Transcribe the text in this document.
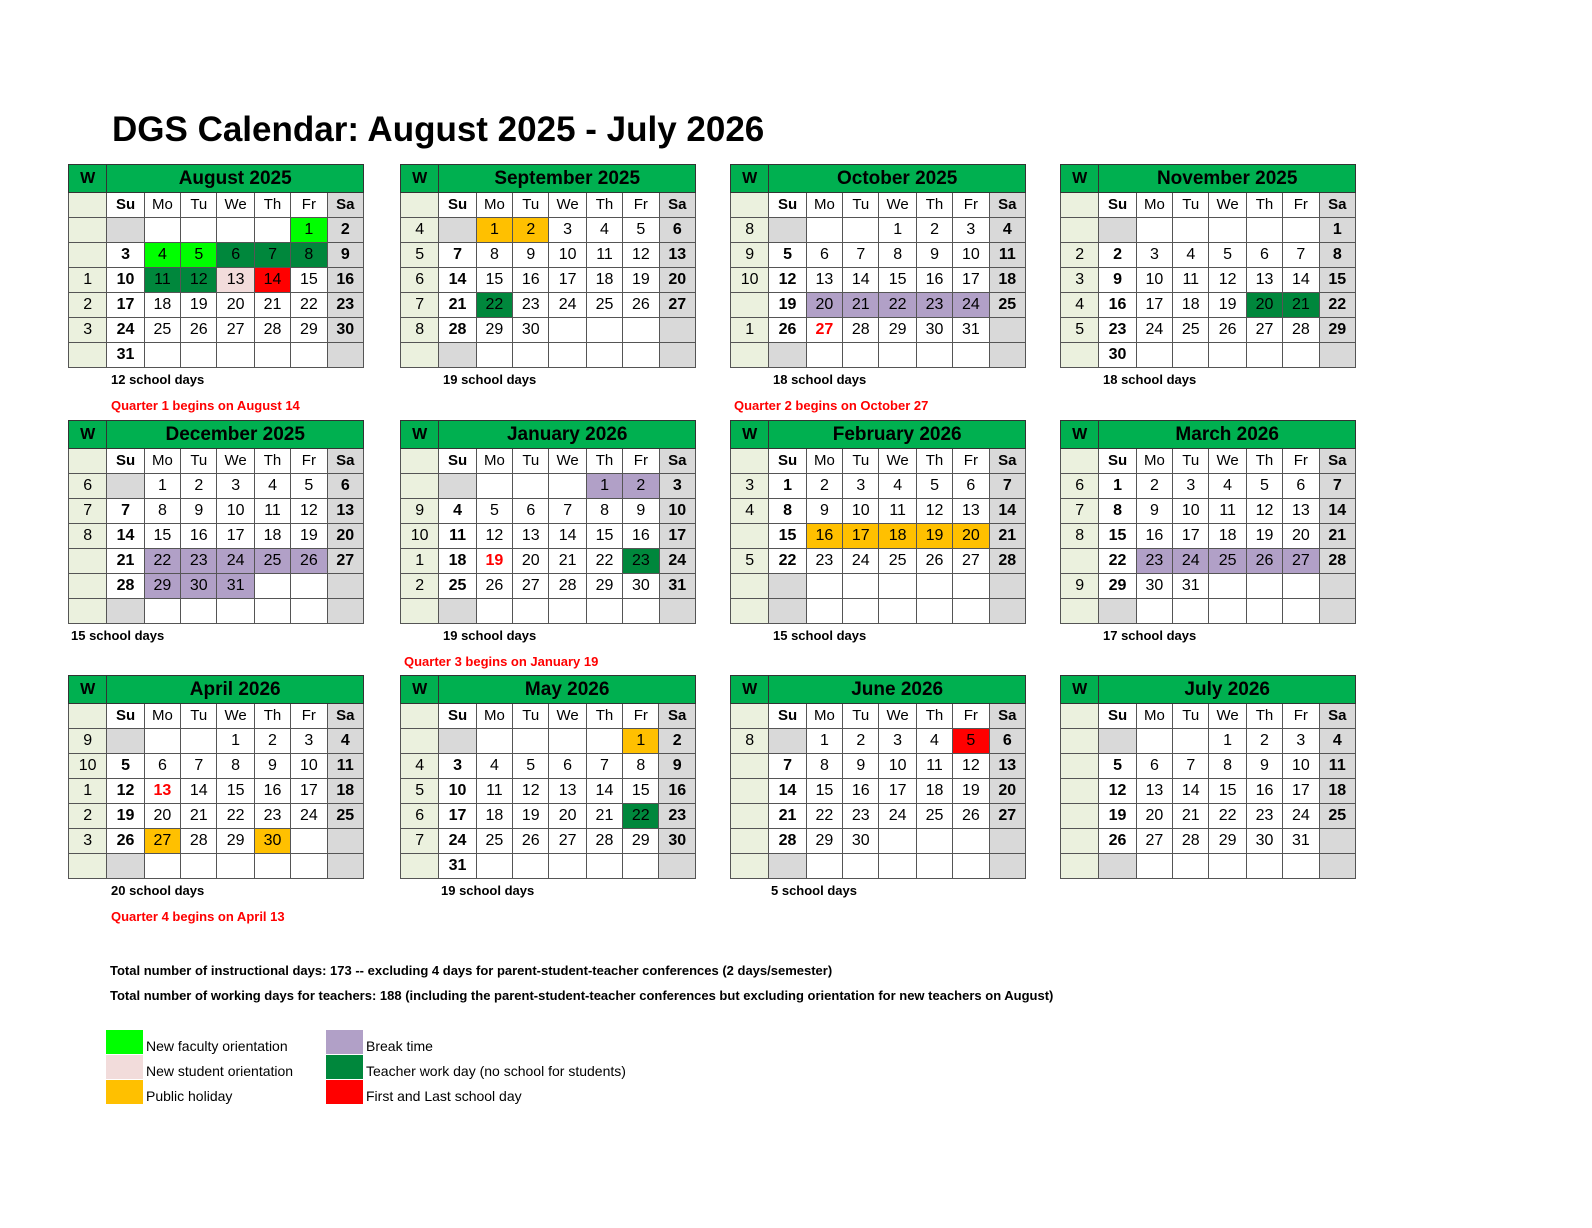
DGS Calendar: August 2025 - July 2026
W	August 2025						
	Su	Mo	Tu	We	Th	Fr	Sa
						1	2
	3	4	5	6	7	8	9
1	10	11	12	13	14	15	16
2	17	18	19	20	21	22	23
3	24	25	26	27	28	29	30
	31						
W	September 2025						
	Su	Mo	Tu	We	Th	Fr	Sa
4		1	2	3	4	5	6
5	7	8	9	10	11	12	13
6	14	15	16	17	18	19	20
7	21	22	23	24	25	26	27
8	28	29	30				

W	October 2025						
	Su	Mo	Tu	We	Th	Fr	Sa
8				1	2	3	4
9	5	6	7	8	9	10	11
10	12	13	14	15	16	17	18
	19	20	21	22	23	24	25
1	26	27	28	29	30	31	

W	November 2025						
	Su	Mo	Tu	We	Th	Fr	Sa
							1
2	2	3	4	5	6	7	8
3	9	10	11	12	13	14	15
4	16	17	18	19	20	21	22
5	23	24	25	26	27	28	29
	30						
W	December 2025						
	Su	Mo	Tu	We	Th	Fr	Sa
6		1	2	3	4	5	6
7	7	8	9	10	11	12	13
8	14	15	16	17	18	19	20
	21	22	23	24	25	26	27
	28	29	30	31			

W	January 2026						
	Su	Mo	Tu	We	Th	Fr	Sa
					1	2	3
9	4	5	6	7	8	9	10
10	11	12	13	14	15	16	17
1	18	19	20	21	22	23	24
2	25	26	27	28	29	30	31

W	February 2026						
	Su	Mo	Tu	We	Th	Fr	Sa
3	1	2	3	4	5	6	7
4	8	9	10	11	12	13	14
	15	16	17	18	19	20	21
5	22	23	24	25	26	27	28

W	March 2026						
	Su	Mo	Tu	We	Th	Fr	Sa
6	1	2	3	4	5	6	7
7	8	9	10	11	12	13	14
8	15	16	17	18	19	20	21
	22	23	24	25	26	27	28
9	29	30	31				

W	April 2026						
	Su	Mo	Tu	We	Th	Fr	Sa
9				1	2	3	4
10	5	6	7	8	9	10	11
1	12	13	14	15	16	17	18
2	19	20	21	22	23	24	25
3	26	27	28	29	30		

W	May 2026						
	Su	Mo	Tu	We	Th	Fr	Sa
						1	2
4	3	4	5	6	7	8	9
5	10	11	12	13	14	15	16
6	17	18	19	20	21	22	23
7	24	25	26	27	28	29	30
	31						
W	June 2026						
	Su	Mo	Tu	We	Th	Fr	Sa
8		1	2	3	4	5	6
	7	8	9	10	11	12	13
	14	15	16	17	18	19	20
	21	22	23	24	25	26	27
	28	29	30				

W	July 2026						
	Su	Mo	Tu	We	Th	Fr	Sa
				1	2	3	4
	5	6	7	8	9	10	11
	12	13	14	15	16	17	18
	19	20	21	22	23	24	25
	26	27	28	29	30	31	

12 school days
Quarter 1 begins on August 14
19 school days	18 school days
Quarter 2 begins on October 27
18 school days
15 school days	19 school days
Quarter 3 begins on January 19
15 school days	17 school days
20 school days
Quarter 4 begins on April 13
19 school days	5 school days
Total number of instructional days: 173 -- excluding 4 days for parent-student-teacher conferences (2 days/semester)
Total number of working days for teachers: 188 (including the parent-student-teacher conferences but excluding orientation for new teachers on August)
New faculty orientation
New student orientation
Public holiday
Break time
Teacher work day (no school for students)
First and Last school day
